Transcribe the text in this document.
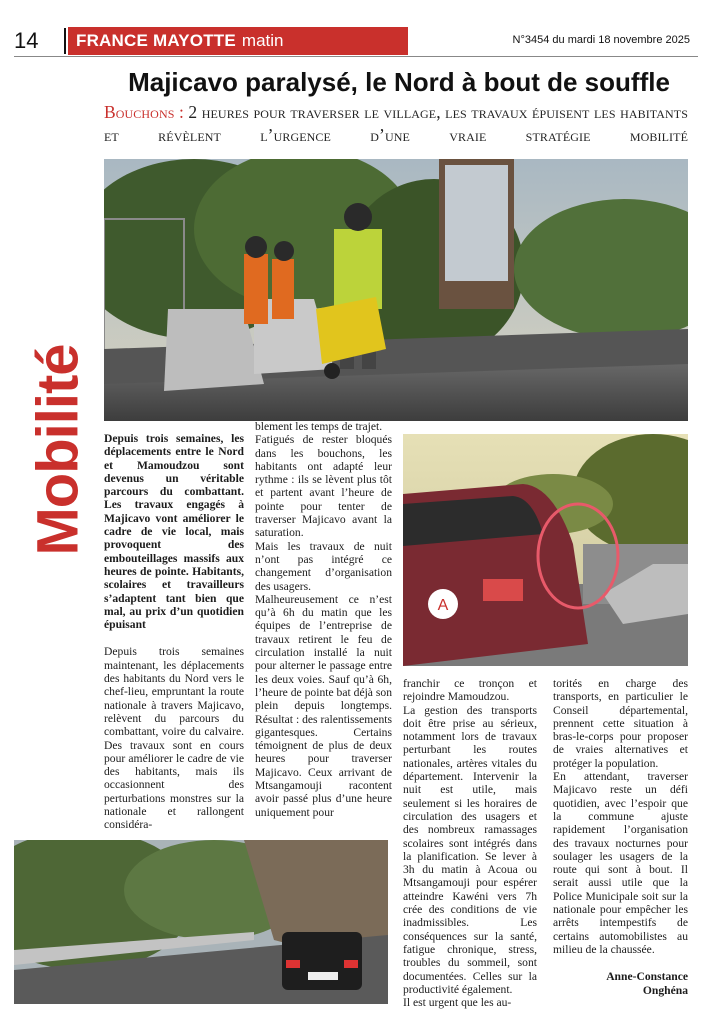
14	FRANCE MAYOTTE matin	N°3454 du mardi 18 novembre 2025
Majicavo paralysé, le Nord à bout de souffle
Bouchons : 2 heures pour traverser le village, les travaux épuisent les habitants et révèlent l’urgence d’une vraie stratégie mobilité
Mobilité
A

Depuis trois semaines, les déplacements entre le Nord et Mamoudzou sont devenus un véritable parcours du combattant. Les travaux engagés à Majicavo vont améliorer le cadre de vie local, mais provoquent des embouteillages massifs aux heures de pointe. Habitants, scolaires et travailleurs s’adaptent tant bien que mal, au prix d’un quotidien épuisant

Depuis trois semaines maintenant, les déplacements des habitants du Nord vers le chef-lieu, empruntant la route nationale à travers Majicavo, relèvent du parcours du combattant, voire du calvaire. Des travaux sont en cours pour améliorer le cadre de vie des habitants, mais ils occasionnent des perturbations monstres sur la nationale et rallongent considéra-

blement les temps de trajet.

Fatigués de rester bloqués dans les bouchons, les habitants ont adapté leur rythme : ils se lèvent plus tôt et partent avant l’heure de pointe pour tenter de traverser Majicavo avant la saturation.

Mais les travaux de nuit n’ont pas intégré ce changement d’organisation des usagers.

Malheureusement ce n’est qu’à 6h du matin que les équipes de l’entreprise de travaux retirent le feu de circulation installé la nuit pour alterner le passage entre les deux voies. Sauf qu’à 6h, l’heure de pointe bat déjà son plein depuis longtemps. Résultat : des ralentissements gigantesques. Certains témoignent de plus de deux heures pour traverser Majicavo. Ceux arrivant de Mtsangamouji racontent avoir passé plus d’une heure uniquement pour

franchir ce tronçon et rejoindre Mamoudzou.

La gestion des transports doit être prise au sérieux, notamment lors de travaux perturbant les routes nationales, artères vitales du département. Intervenir la nuit est utile, mais seulement si les horaires de circulation des usagers et des nombreux ramassages scolaires sont intégrés dans la planification. Se lever à 3h du matin à Acoua ou Mtsangamouji pour espérer atteindre Kawéni vers 7h crée des conditions de vie inadmissibles. Les conséquences sur la santé, fatigue chronique, stress, troubles du sommeil, sont documentées. Celles sur la productivité également.

Il est urgent que les au-

torités en charge des transports, en particulier le Conseil départemental, prennent cette situation à bras-le-corps pour proposer de vraies alternatives et protéger la population.

En attendant, traverser Majicavo reste un défi quotidien, avec l’espoir que la commune ajuste rapidement l’organisation des travaux nocturnes pour soulager les usagers de la route qui sont à bout. Il serait aussi utile que la Police Municipale soit sur la nationale pour empêcher les arrêts intempestifs de certains automobilistes au milieu de la chaussée.

Anne-Constance
Onghéna
